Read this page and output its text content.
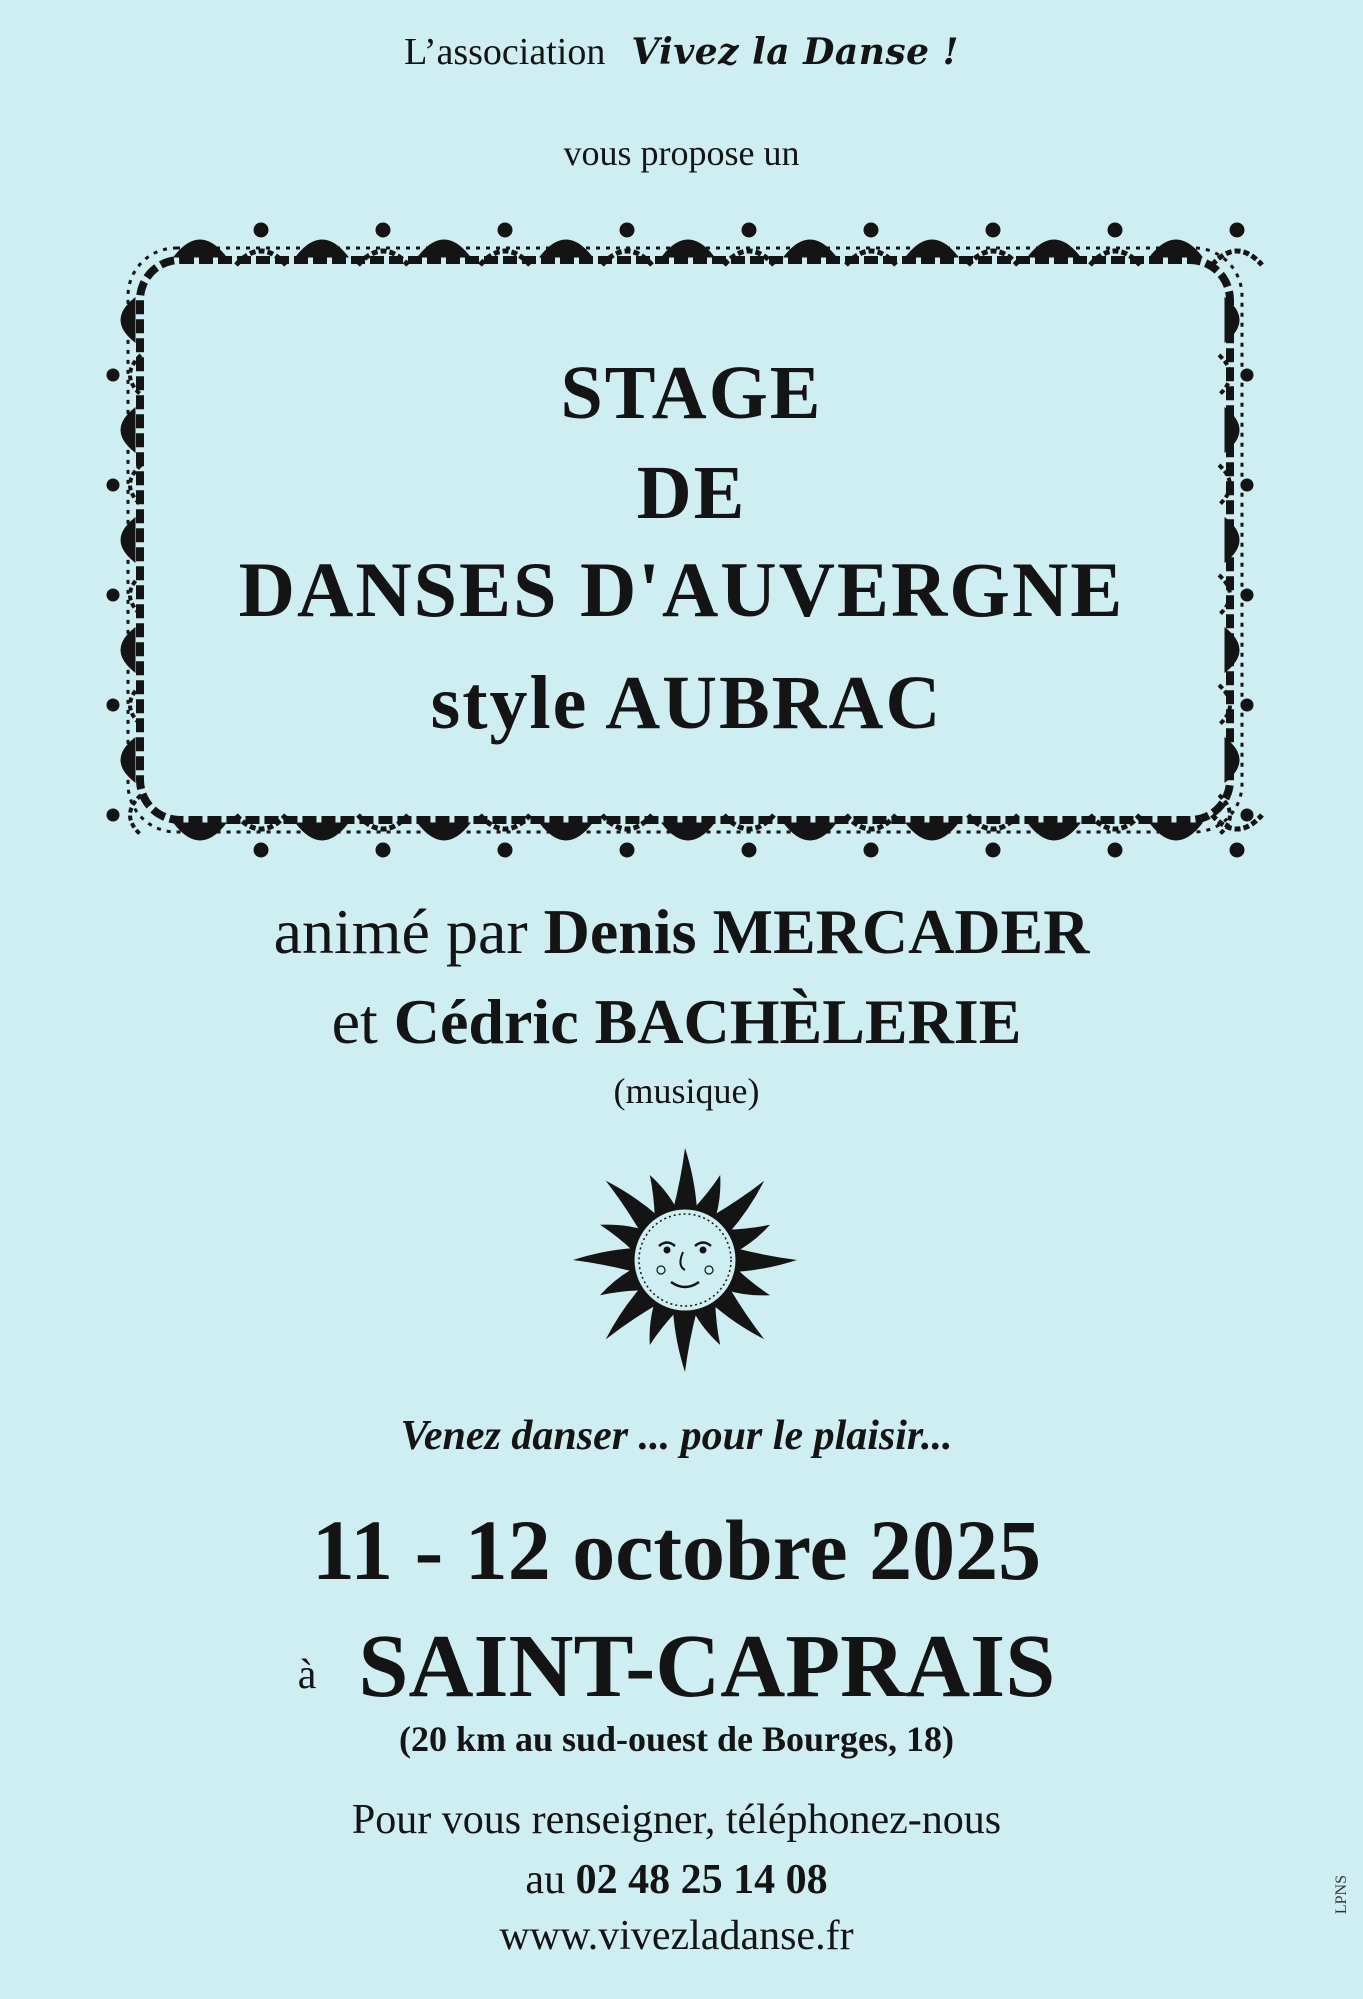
L’association Vivez la Danse !
vous propose un
STAGE
DE
DANSES D'AUVERGNE
style AUBRAC
animé par Denis MERCADER
et Cédric BACHÈLERIE
(musique)
Venez danser ... pour le plaisir...
11 - 12 octobre 2025
à SAINT-CAPRAIS
(20 km au sud-ouest de Bourges, 18)
Pour vous renseigner, téléphonez-nous
au 02 48 25 14 08
www.vivezladanse.fr
LPNS
